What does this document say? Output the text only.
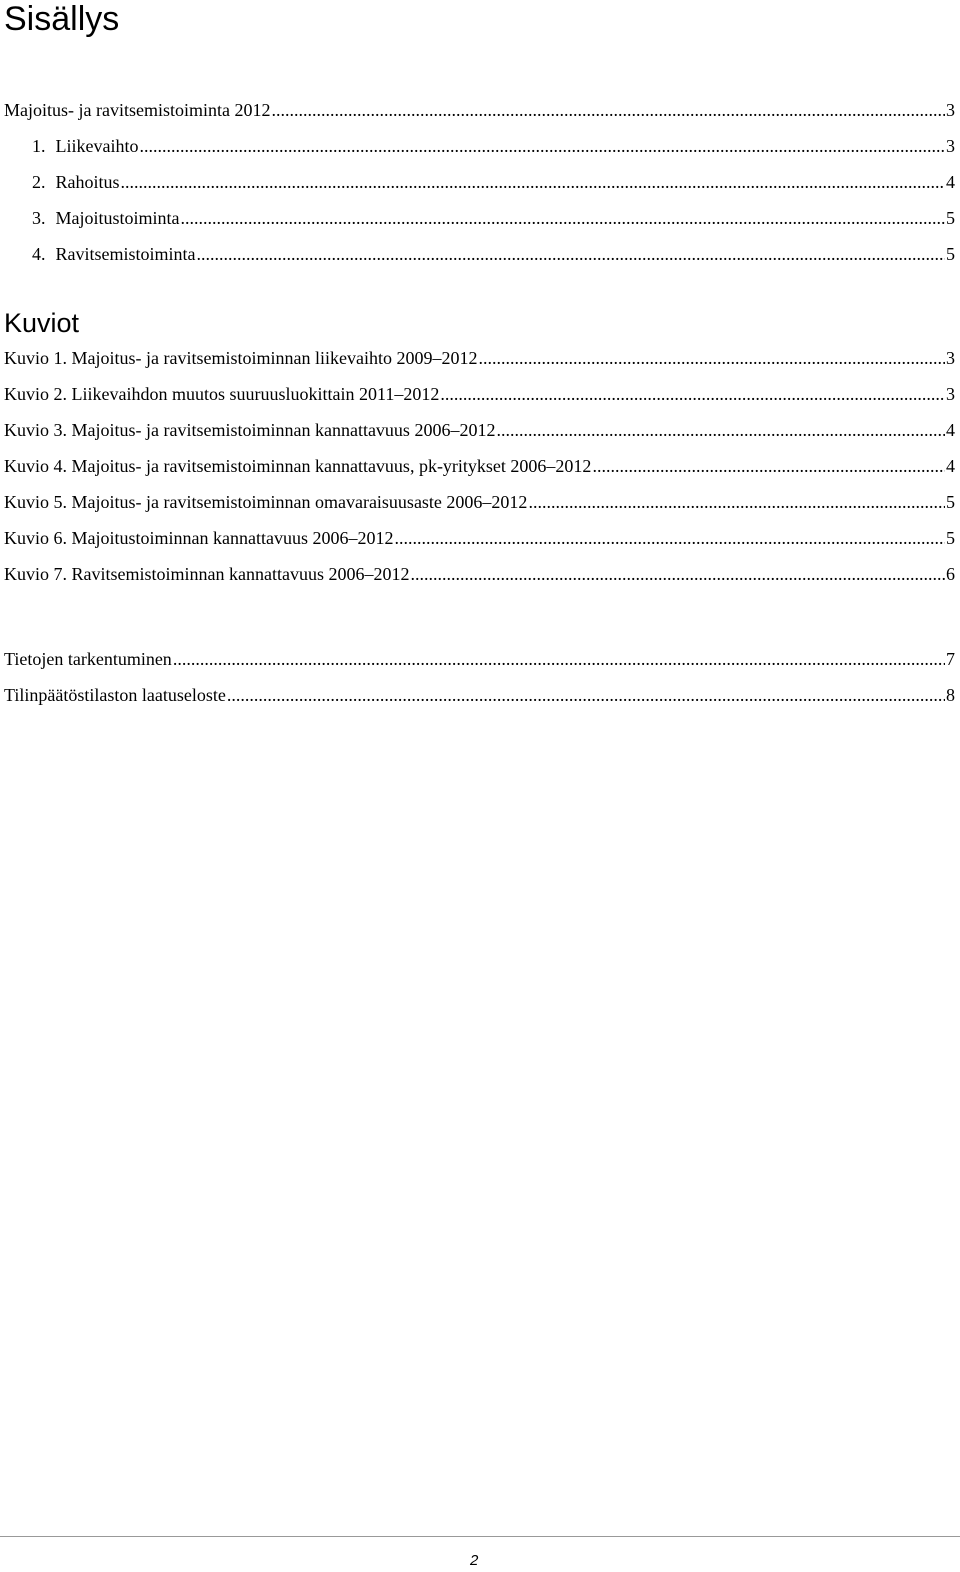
Sisällys
Majoitus- ja ravitsemistoiminta 2012 .....	3
1. Liikevaihto .....	3
2. Rahoitus .....	4
3. Majoitustoiminta .....	5
4. Ravitsemistoiminta .....	5
Kuviot
Kuvio 1. Majoitus- ja ravitsemistoiminnan liikevaihto 2009–2012 .....	3
Kuvio 2. Liikevaihdon muutos suuruusluokittain 2011–2012 .....	3
Kuvio 3. Majoitus- ja ravitsemistoiminnan kannattavuus 2006–2012 .....	4
Kuvio 4. Majoitus- ja ravitsemistoiminnan kannattavuus, pk-yritykset 2006–2012 .....	4
Kuvio 5. Majoitus- ja ravitsemistoiminnan omavaraisuusaste 2006–2012 .....	5
Kuvio 6. Majoitustoiminnan kannattavuus 2006–2012 .....	5
Kuvio 7. Ravitsemistoiminnan kannattavuus 2006–2012 .....	6
Tietojen tarkentuminen .....	7
Tilinpäätöstilaston laatuseloste .....	8
2
